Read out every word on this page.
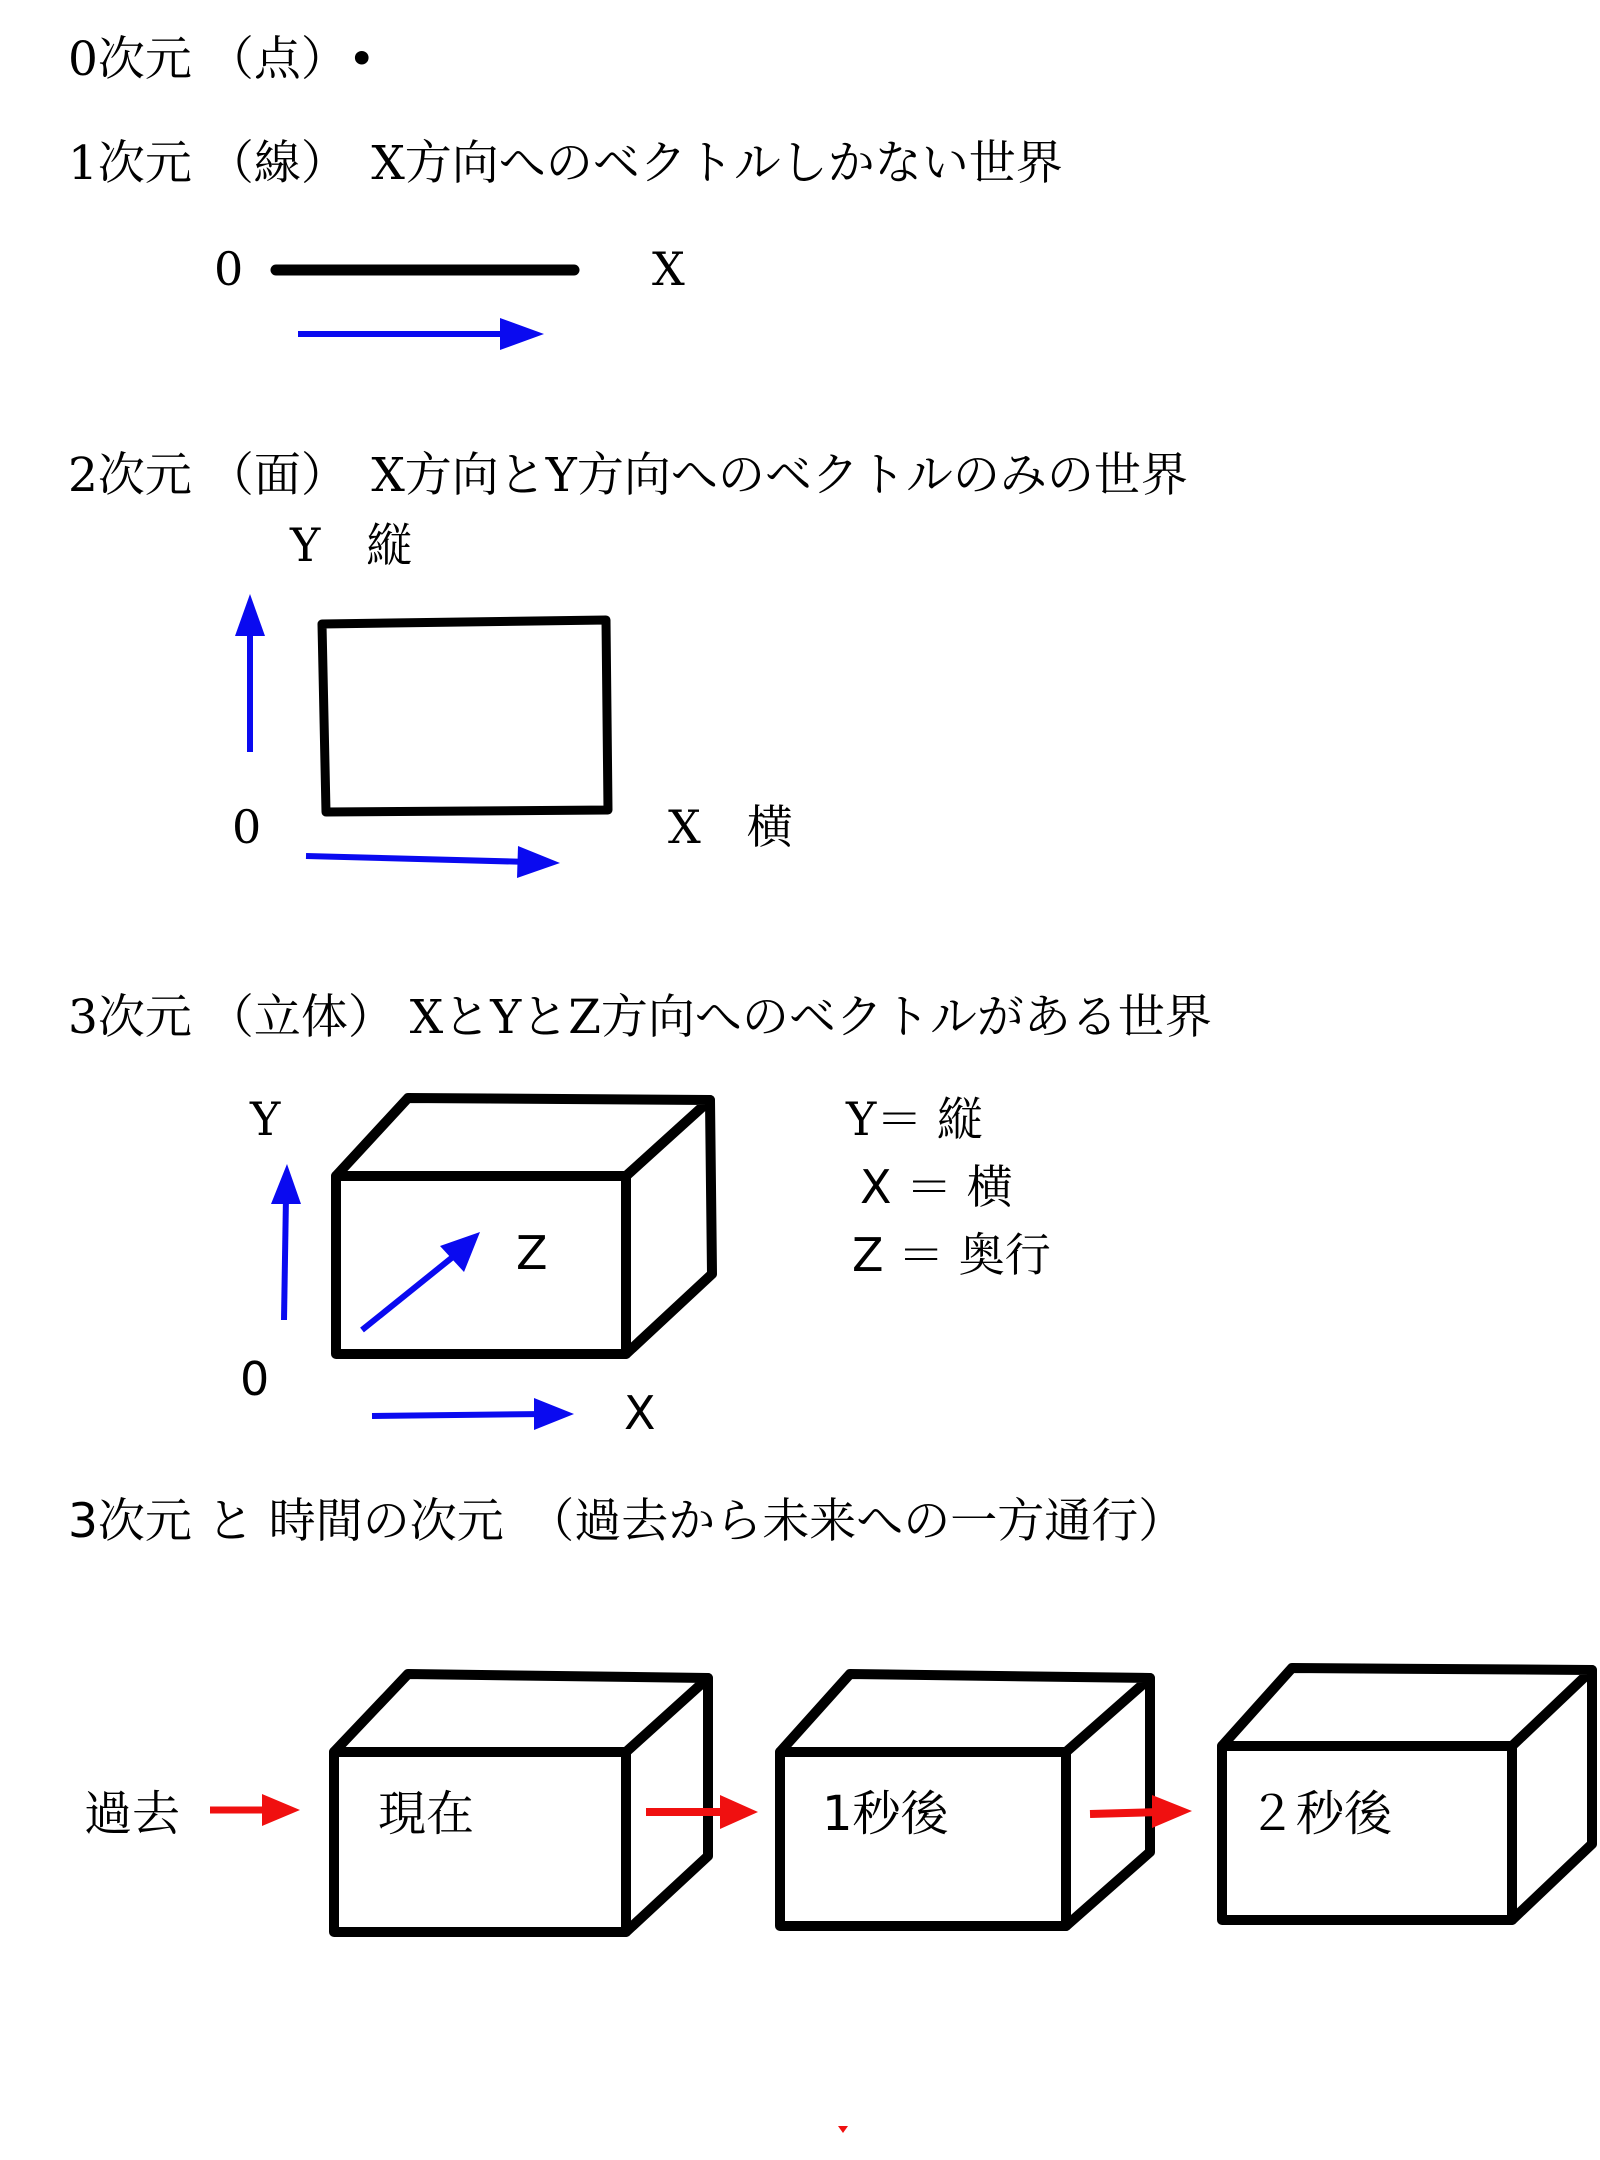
0次元 （点）•
1次元 （線）　X方向へのベクトルしかない世界
2次元 （面）　X方向とY方向へのベクトルのみの世界
3次元 （立体） XとYとZ方向へのベクトルがある世界
3次元 と 時間の次元　（過去から未来への一方通行）
0	X
Y　縦
0	X　横
Y
0
X
Z
Y＝ 縦
X ＝ 横
Z ＝ 奥行
過去	現在	1秒後	２秒後
